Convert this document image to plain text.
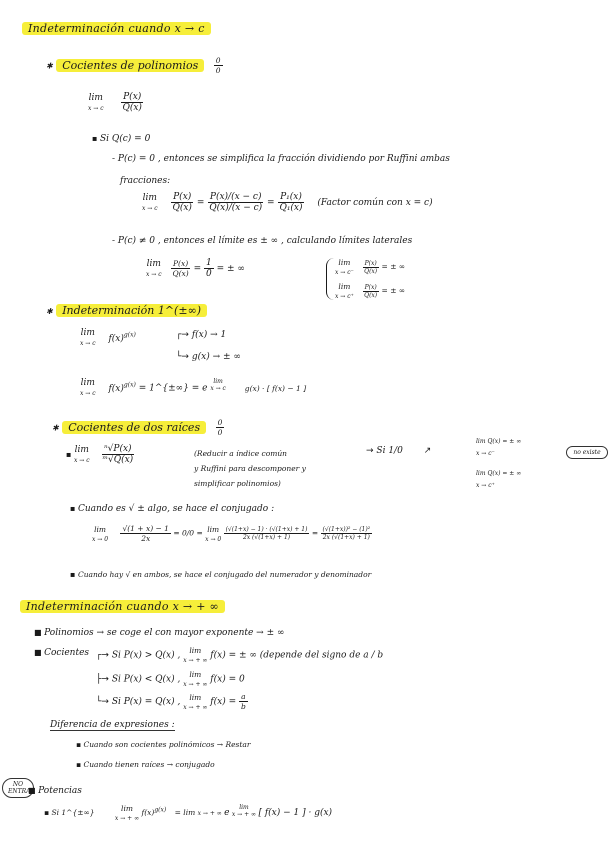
Indeterminación cuando x → c
✱ Cocientes de polinomios $\frac{0}{0}$
lim
x → c $\frac{P(x)}{Q(x)}$
▪ Si Q(c) = 0
- P(c) = 0 , entonces se simplifica la fracción dividiendo por Ruffini ambas
fracciones:
lim
x → c $\frac{P(x)}{Q(x)} = \frac{P(x)/(x - c)}{Q(x)/(x - c)} = \frac{\text{P₁(x)}}{\text{Q₁(x)}}$ (Factor común con x = c)
- P(c) ≠ 0 , entonces el límite es ± ∞ , calculando límites laterales
lim
x → c $\frac{P(x)}{Q(x)} = \frac{1}{0}$ = ± ∞
lim
$x \to c^- \frac{P(x)}{Q(x)}$ = ± ∞
lim
$x \to c^+ \frac{P(x)}{Q(x)}$ = ± ∞
✱ Indeterminación 1^(±∞)
lim
x → c $f(x)^{g(x)}$	┌→ f(x) → 1
└→ g(x) → ± ∞
lim
x → c $f(x)^{g(x)}$ = 1^{±∞} = e $^{lim x \to c}$	g(x) · [ f(x) − 1 ]
✱ Cocientes de dos raíces $\frac{0}{0}$
▪ lim
x → c $\frac{\text{ⁿ√P(x)}}{\text{ᵐ√Q(x)}}$	(Reducir a índice común
y Ruffini para descomponer y
simplificar polinomios)
→ Si 1/0 ↗
lim Q(x) = ± ∞
x → c⁻
lim Q(x) = ± ∞
x → c⁺
no existe
▪ Cuando es √ ± algo, se hace el conjugado :
lim
$x \to 0 \frac{√(1 + x) - 1}{2x} = 0/0 = \lim$
$x \to 0 \frac{(√(1+x) - 1) \cdot (√(1+x) + 1)}{2x (√(1+x) + 1)} = \frac{\text{(√(1+x))² − (1)²}}{2x (√(1+x) + 1)}$
▪ Cuando hay √ en ambos, se hace el conjugado del numerador y denominador
Indeterminación cuando x → + ∞
■ Polinomios → se coge el con mayor exponente → ± ∞
■ Cocientes ┌→ Si P(x) > Q(x) , lim
x → + ∞ f(x) = ± ∞ (depende del signo de a / b
├→ Si P(x) < Q(x) , lim
x → + ∞ f(x) = 0
└→ Si P(x) = Q(x) , lim
x → + ∞ $f(x) = \frac{a}{b}$
Diferencia de expresiones :
▪ Cuando son cocientes polinómicos → Restar
▪ Cuando tienen raíces → conjugado
NO
ENTRA
■ Potencias
▪ Si 1^{±∞}	lim
x → + ∞ $f(x)^{g(x)} = \lim x$ → + ∞ e $^{lim x \to + \infty}$ [ f(x) − 1 ] · g(x)
